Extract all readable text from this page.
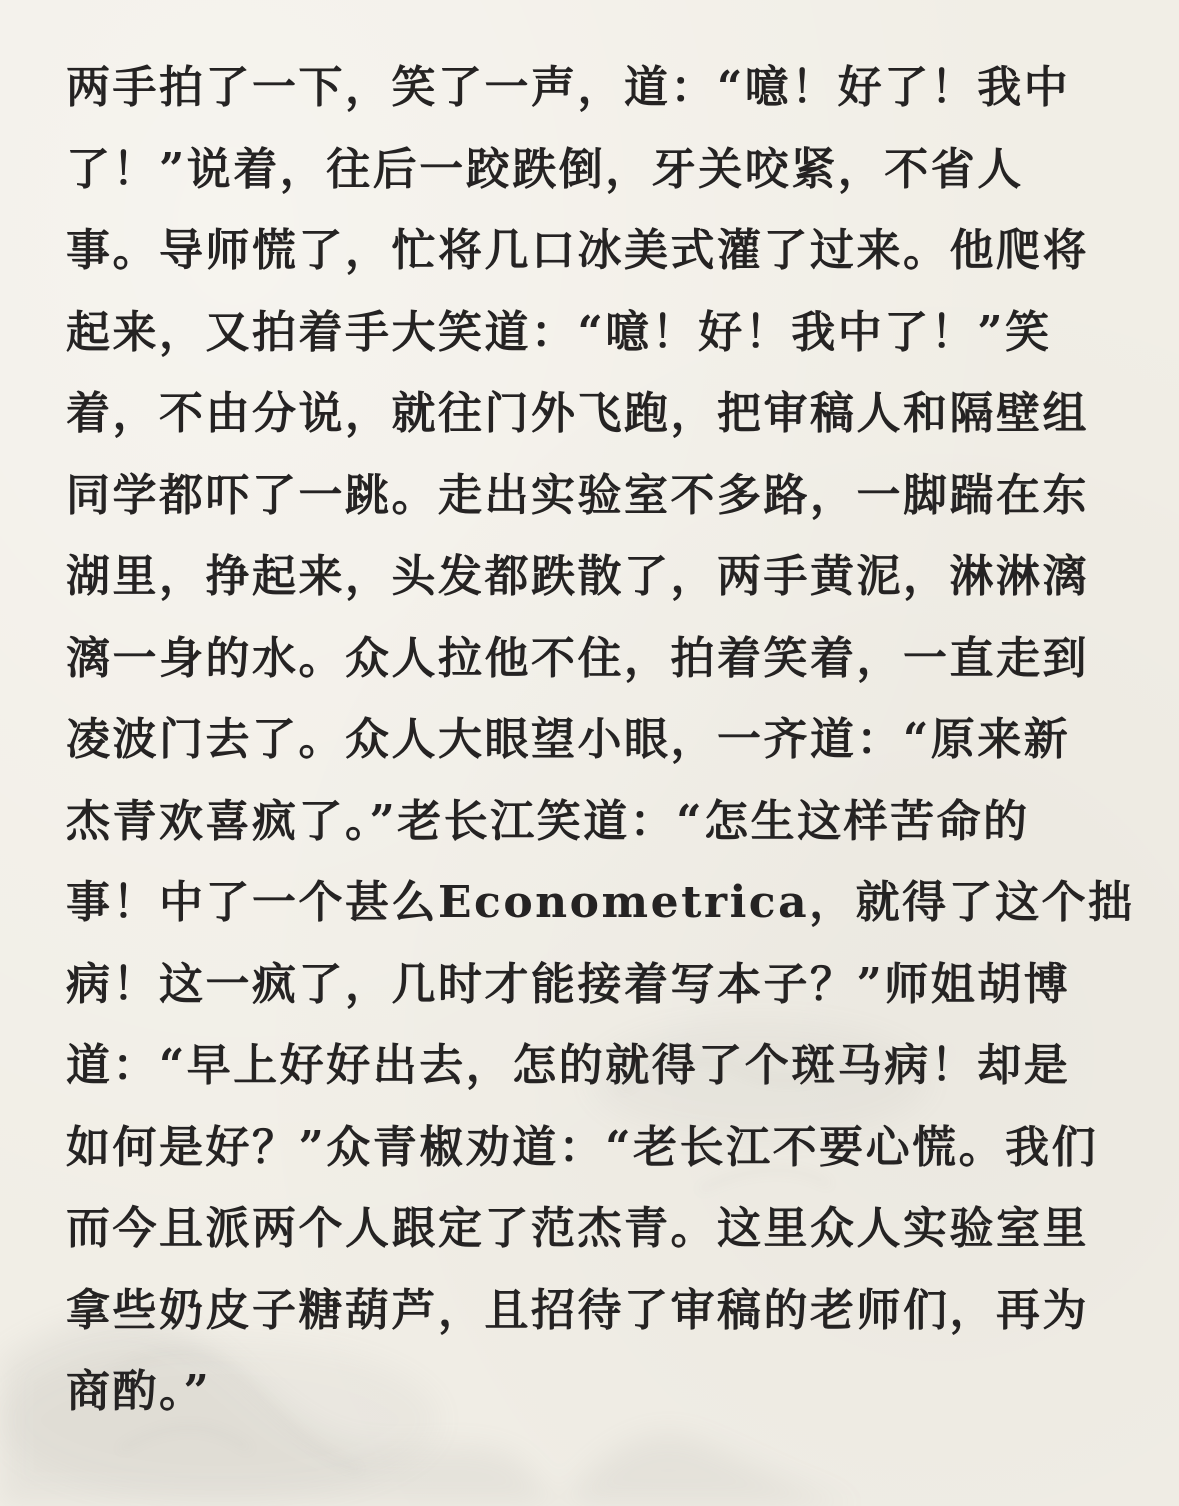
两手拍了一下，笑了一声，道：“噫！好了！我中
了！”说着，往后一跤跌倒，牙关咬紧，不省人
事。导师慌了，忙将几口冰美式灌了过来。他爬将
起来，又拍着手大笑道：“噫！好！我中了！”笑
着，不由分说，就往门外飞跑，把审稿人和隔壁组
同学都吓了一跳。走出实验室不多路，一脚踹在东
湖里，挣起来，头发都跌散了，两手黄泥，淋淋漓
漓一身的水。众人拉他不住，拍着笑着，一直走到
凌波门去了。众人大眼望小眼，一齐道：“原来新
杰青欢喜疯了。”老长江笑道：“怎生这样苦命的
事！中了一个甚么Econometrica，就得了这个拙
病！这一疯了，几时才能接着写本子？”师姐胡博
道：“早上好好出去，怎的就得了个斑马病！却是
如何是好？”众青椒劝道：“老长江不要心慌。我们
而今且派两个人跟定了范杰青。这里众人实验室里
拿些奶皮子糖葫芦，且招待了审稿的老师们，再为
商酌。”
